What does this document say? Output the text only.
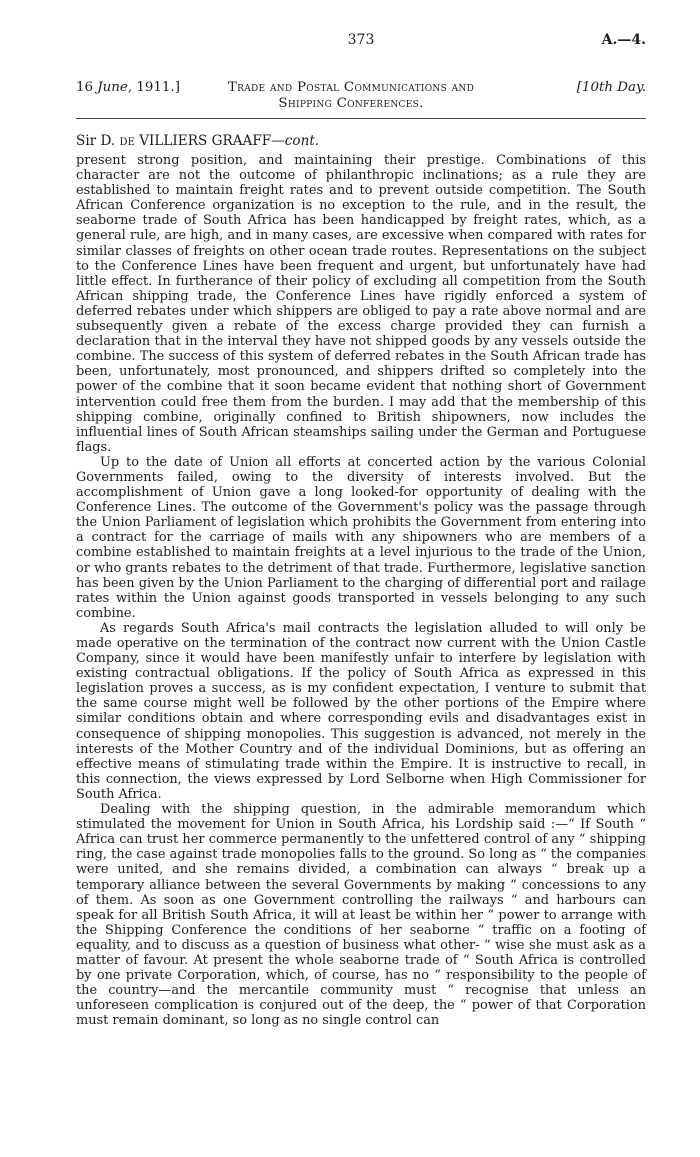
373	A.—4.
16 June, 1911.]	Trade and Postal Communications and
Shipping Conferences.
[10th Day.
Sir D. de VILLIERS GRAAFF—cont.

present strong position, and maintaining their prestige. Combinations of this character are not the outcome of philanthropic inclinations; as a rule they are established to maintain freight rates and to prevent outside competition. The South African Conference organization is no exception to the rule, and in the result, the seaborne trade of South Africa has been handicapped by freight rates, which, as a general rule, are high, and in many cases, are excessive when compared with rates for similar classes of freights on other ocean trade routes. Representations on the subject to the Conference Lines have been frequent and urgent, but unfortunately have had little effect. In furtherance of their policy of excluding all competition from the South African shipping trade, the Conference Lines have rigidly enforced a system of deferred rebates under which shippers are obliged to pay a rate above normal and are subsequently given a rebate of the excess charge provided they can furnish a declaration that in the interval they have not shipped goods by any vessels outside the combine. The success of this system of deferred rebates in the South African trade has been, unfortunately, most pronounced, and shippers drifted so completely into the power of the combine that it soon became evident that nothing short of Government intervention could free them from the burden. I may add that the membership of this shipping combine, originally confined to British shipowners, now includes the influential lines of South African steamships sailing under the German and Portuguese flags.

Up to the date of Union all efforts at concerted action by the various Colonial Governments failed, owing to the diversity of interests involved. But the accomplishment of Union gave a long looked-for opportunity of dealing with the Conference Lines. The outcome of the Government's policy was the passage through the Union Parliament of legislation which prohibits the Government from entering into a contract for the carriage of mails with any shipowners who are members of a combine established to maintain freights at a level injurious to the trade of the Union, or who grants rebates to the detriment of that trade. Furthermore, legislative sanction has been given by the Union Parliament to the charging of differential port and railage rates within the Union against goods transported in vessels belonging to any such combine.

As regards South Africa's mail contracts the legislation alluded to will only be made operative on the termination of the contract now current with the Union Castle Company, since it would have been manifestly unfair to interfere by legislation with existing contractual obligations. If the policy of South Africa as expressed in this legislation proves a success, as is my confident expectation, I venture to submit that the same course might well be followed by the other portions of the Empire where similar conditions obtain and where corresponding evils and disadvantages exist in consequence of shipping monopolies. This suggestion is advanced, not merely in the interests of the Mother Country and of the individual Dominions, but as offering an effective means of stimulating trade within the Empire. It is instructive to recall, in this connection, the views expressed by Lord Selborne when High Commissioner for South Africa.

Dealing with the shipping question, in the admirable memorandum which stimulated the movement for Union in South Africa, his Lordship said :—“ If South “ Africa can trust her commerce permanently to the unfettered control of any “ shipping ring, the case against trade monopolies falls to the ground. So long as “ the companies were united, and she remains divided, a combination can always “ break up a temporary alliance between the several Governments by making “ concessions to any of them. As soon as one Government controlling the railways “ and harbours can speak for all British South Africa, it will at least be within her “ power to arrange with the Shipping Conference the conditions of her seaborne “ traffic on a footing of equality, and to discuss as a question of business what other- “ wise she must ask as a matter of favour. At present the whole seaborne trade of “ South Africa is controlled by one private Corporation, which, of course, has no “ responsibility to the people of the country—and the mercantile community must “ recognise that unless an unforeseen complication is conjured out of the deep, the “ power of that Corporation must remain dominant, so long as no single control can
